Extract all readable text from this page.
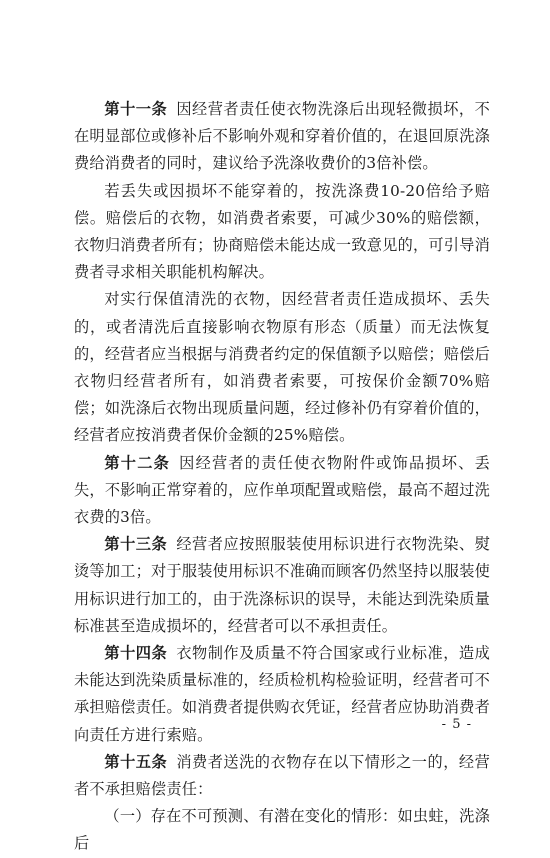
第十一条 因经营者责任使衣物洗涤后出现轻微损坏，不在明显部位或修补后不影响外观和穿着价值的，在退回原洗涤费给消费者的同时，建议给予洗涤收费价的3倍补偿。

若丢失或因损坏不能穿着的，按洗涤费10-20倍给予赔偿。赔偿后的衣物，如消费者索要，可减少30%的赔偿额，衣物归消费者所有；协商赔偿未能达成一致意见的，可引导消费者寻求相关职能机构解决。

对实行保值清洗的衣物，因经营者责任造成损坏、丢失的，或者清洗后直接影响衣物原有形态（质量）而无法恢复的，经营者应当根据与消费者约定的保值额予以赔偿；赔偿后衣物归经营者所有，如消费者索要，可按保价金额70%赔偿；如洗涤后衣物出现质量问题，经过修补仍有穿着价值的，经营者应按消费者保价金额的25%赔偿。

第十二条 因经营者的责任使衣物附件或饰品损坏、丢失，不影响正常穿着的，应作单项配置或赔偿，最高不超过洗衣费的3倍。

第十三条 经营者应按照服装使用标识进行衣物洗染、熨烫等加工；对于服装使用标识不准确而顾客仍然坚持以服装使用标识进行加工的，由于洗涤标识的误导，未能达到洗染质量标准甚至造成损坏的，经营者可以不承担责任。

第十四条 衣物制作及质量不符合国家或行业标准，造成未能达到洗染质量标准的，经质检机构检验证明，经营者可不承担赔偿责任。如消费者提供购衣凭证，经营者应协助消费者向责任方进行索赔。

第十五条 消费者送洗的衣物存在以下情形之一的，经营者不承担赔偿责任：

（一）存在不可预测、有潜在变化的情形：如虫蛀，洗涤后

- 5 -
